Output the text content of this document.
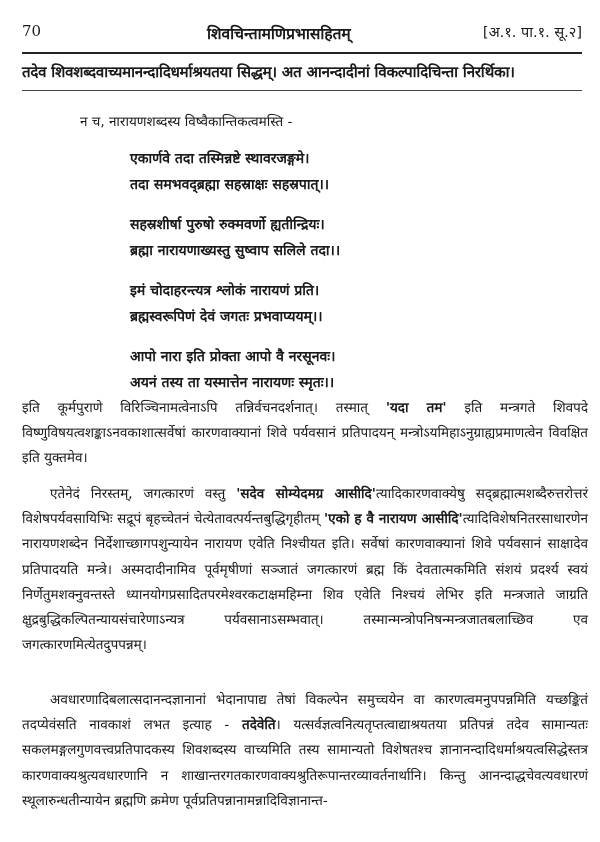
70	शिवचिन्तामणिप्रभासहितम्	[अ.१. पा.१. सू.२]
तदेव शिवशब्दवाच्यमानन्दादिधर्माश्रयतया सिद्धम्। अत आनन्दादीनां विकल्पादिचिन्ता निरर्थिका।
न च, नारायणशब्दस्य विष्वैकान्तिकत्वमस्ति -
एकार्णवे तदा तस्मिन्नष्टे स्थावरजङ्गमे।
तदा समभवद्ब्रह्मा सहस्राक्षः सहस्रपात्।।
सहस्रशीर्षा पुरुषो रुक्मवर्णो ह्यतीन्द्रियः।
ब्रह्मा नारायणाख्यस्तु सुष्वाप सलिले तदा।।
इमं चोदाहरन्त्यत्र श्लोकं नारायणं प्रति।
ब्रह्मस्वरूपिणं देवं जगतः प्रभवाप्ययम्।।
आपो नारा इति प्रोक्ता आपो वै नरसूनवः।
अयनं तस्य ता यस्मात्तेन नारायणः स्मृतः।।

इति कूर्मपुराणे विरिञ्चिनामत्वेनाऽपि तन्निर्वचनदर्शनात्। तस्मात् 'यदा तम' इति मन्त्रगते शिवपदे विष्णुविषयत्वशङ्काऽनवकाशात्सर्वेषां कारणवाक्यानां शिवे पर्यवसानं प्रतिपादयन् मन्त्रोऽयमिहाऽनुग्राह्यप्रमाणत्वेन विवक्षित इति युक्तमेव।

एतेनेदं निरस्तम्, जगत्कारणं वस्तु 'सदेव सोम्येदमग्र आसीदि'त्यादिकारणवाक्येषु सद्ब्रह्मात्मशब्दैरुत्तरोत्तरं विशेषपर्यवसायिभिः सद्रूपं बृहच्चेतनं चेत्येतावत्पर्यन्तबुद्धिगृहीतम् 'एको ह वै नारायण आसीदि'त्यादिविशेषनितरसाधारणेन नारायणशब्देन निर्देशाच्छागपशुन्यायेन नारायण एवेति निश्चीयत इति। सर्वेषां कारणवाक्यानां शिवे पर्यवसानं साक्षादेव प्रतिपादयति मन्त्रे। अस्मदादीनामिव पूर्वमृषीणां सञ्जातं जगत्कारणं ब्रह्म किं देवतात्मकमिति संशयं प्रदर्श्य स्वयं निर्णेतुमशक्नुवन्तस्ते ध्यानयोगप्रसादितपरमेश्वरकटाक्षमहिम्ना शिव एवेति निश्चयं लेभिर इति मन्त्रजाते जाग्रति क्षुद्रबुद्धिकल्पितन्यायसंचारेणाऽन्यत्र पर्यवसानाऽसम्भवात्। तस्मान्मन्त्रोपनिषन्मन्त्रजातबलाच्छिव एव जगत्कारणमित्येतदुपपन्नम्।

अवधारणादिबलात्सदानन्दज्ञानानां भेदानापाद्य तेषां विकल्पेन समुच्चयेन वा कारणत्वमनुपपन्नमिति यच्छङ्कितं तदप्येवंसति नावकाशं लभत इत्याह - तदेवेति। यत्सर्वज्ञत्वनित्यतृप्तत्वाद्याश्रयतया प्रतिपन्नं तदेव सामान्यतः सकलमङ्गलगुणवत्त्वप्रतिपादकस्य शिवशब्दस्य वाच्यमिति तस्य सामान्यतो विशेषतश्च ज्ञानानन्दादिधर्माश्रयत्वसिद्धेस्तत्र कारणवाक्यश्रुत्यवधारणानि न शाखान्तरगतकारणवाक्यश्रुतिरूपान्तरव्यावर्तनार्थानि। किन्तु आनन्दाद्धचेवत्यवधारणं स्थूलारुन्धतीन्यायेन ब्रह्मणि क्रमेण पूर्वप्रतिपन्नानामन्नादिविज्ञानान्त-
